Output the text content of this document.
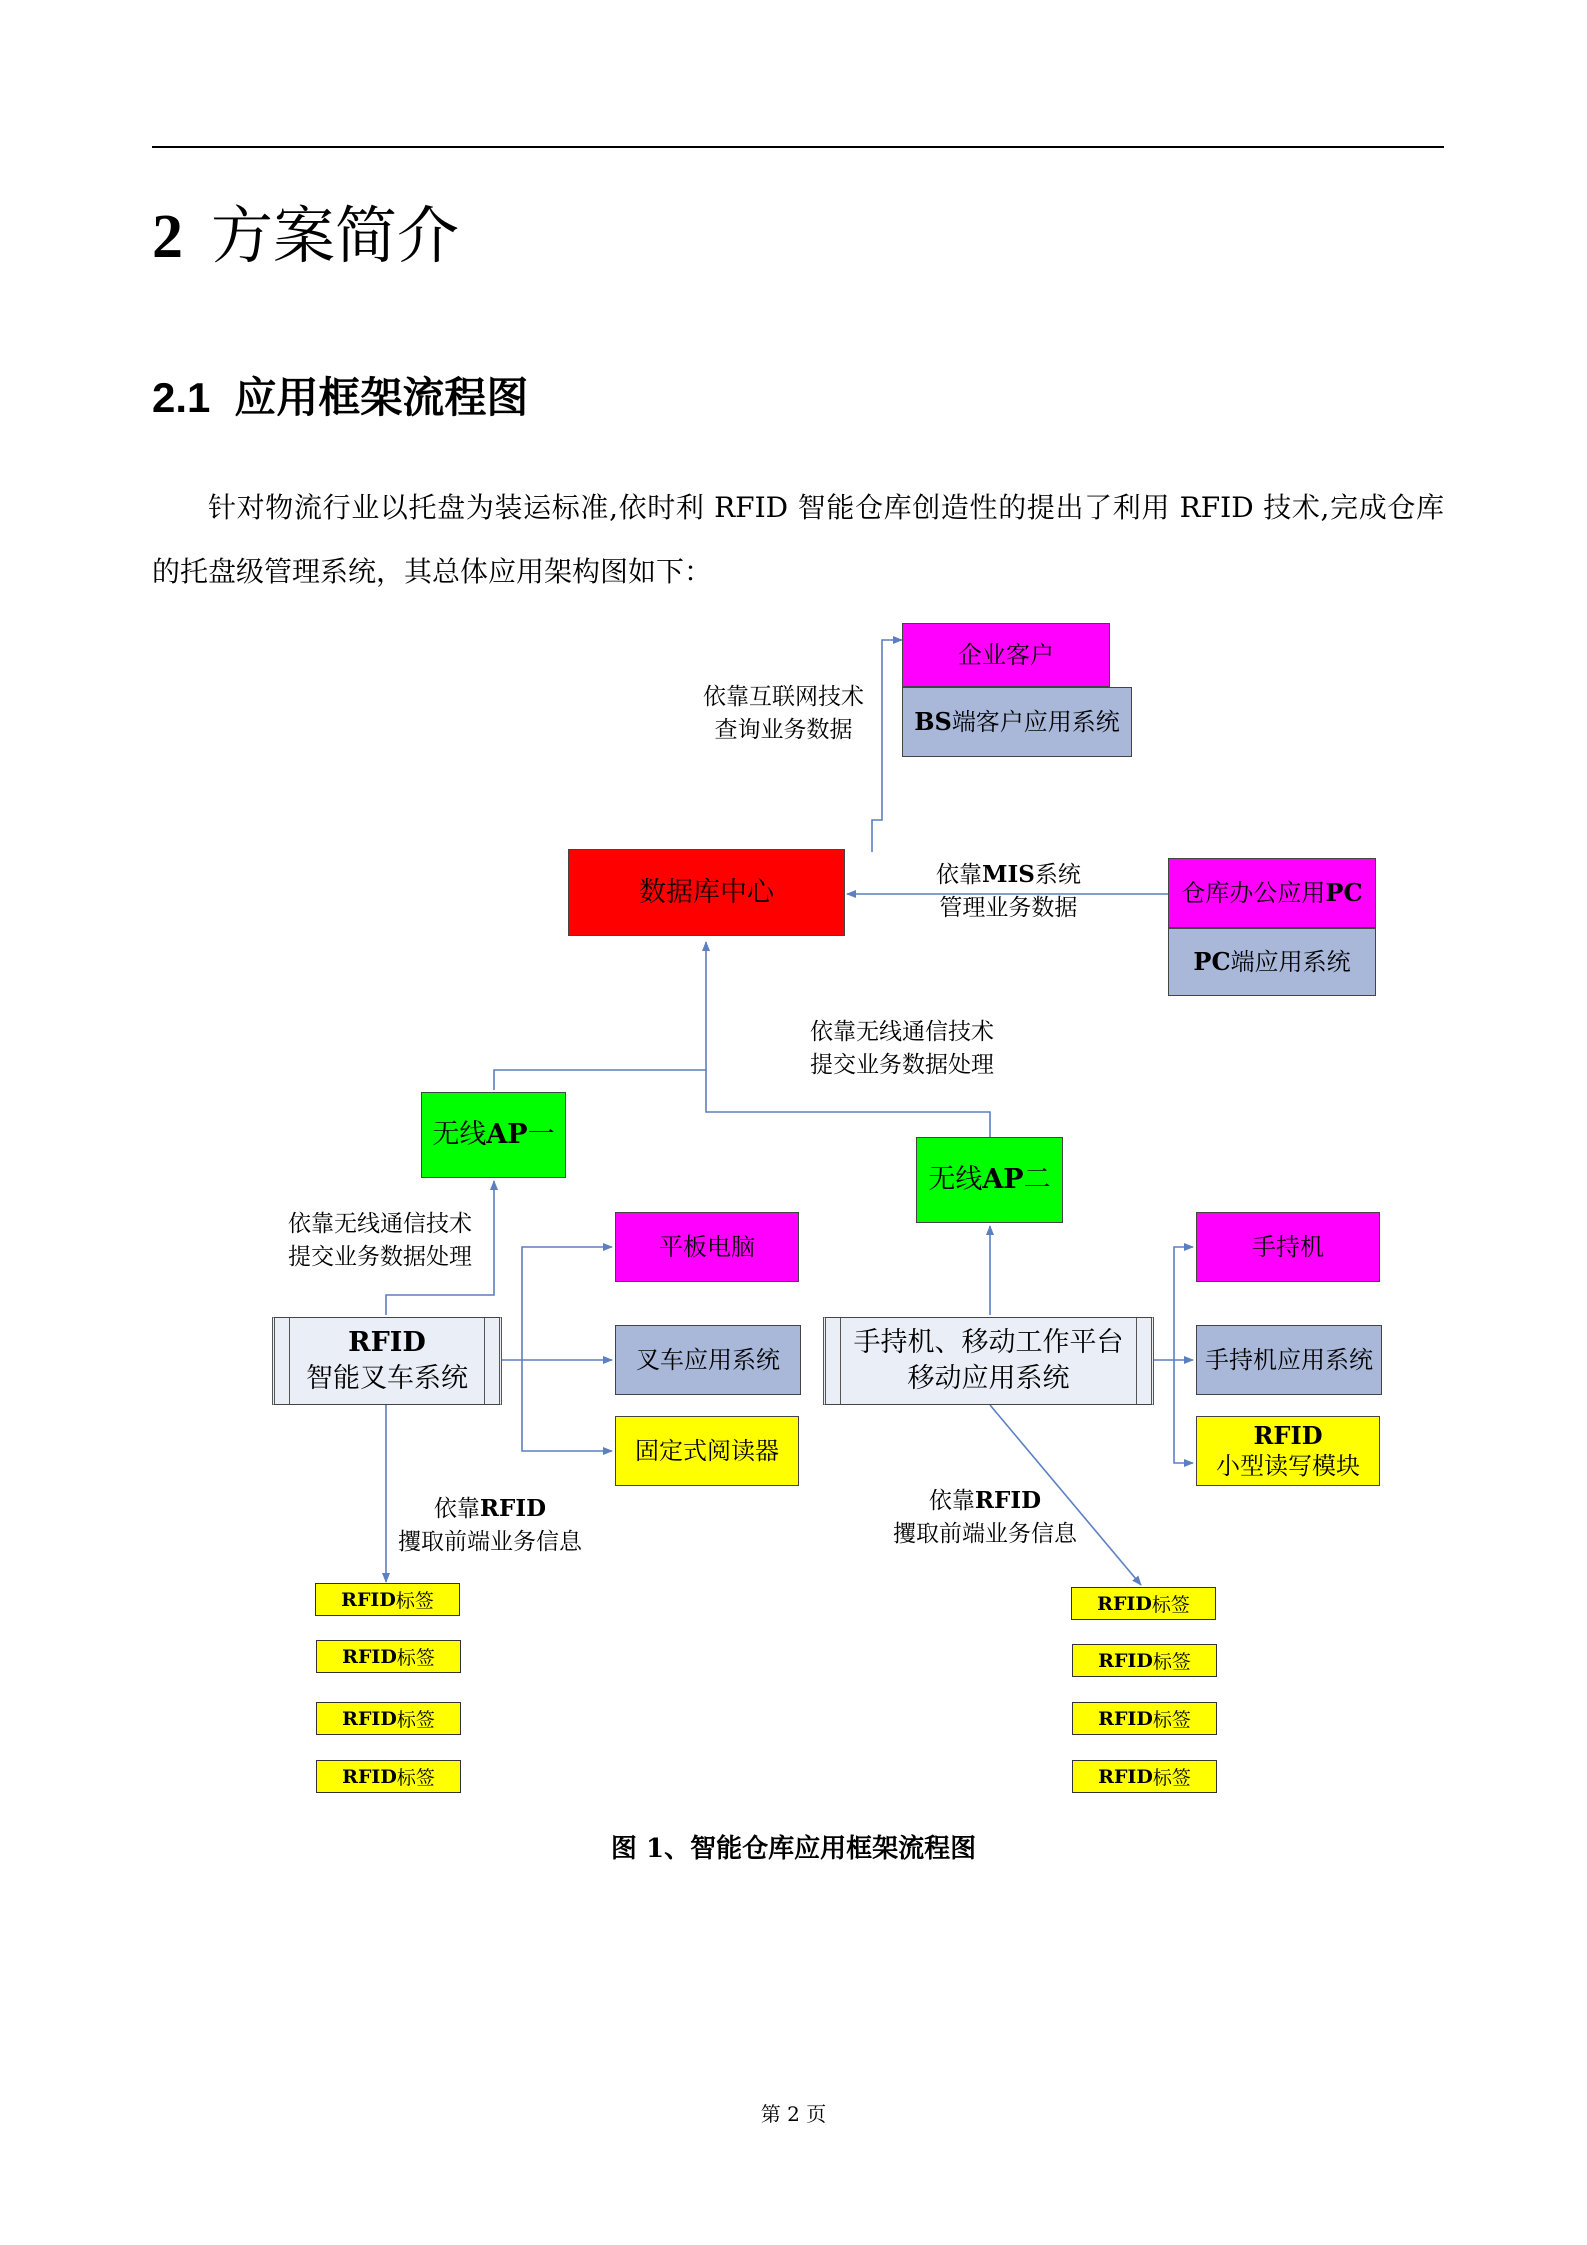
2 方案简介
2.1 应用框架流程图
针对物流行业以托盘为装运标准,依时利 RFID 智能仓库创造性的提出了利用 RFID 技术,完成仓库的托盘级管理系统，其总体应用架构图如下：
企业客户
BS端客户应用系统
依靠互联网技术
查询业务数据
数据库中心
依靠MIS系统
管理业务数据
仓库办公应用PC
PC端应用系统
依靠无线通信技术
提交业务数据处理
无线AP一
无线AP二
依靠无线通信技术
提交业务数据处理
RFID
智能叉车系统
平板电脑
叉车应用系统
固定式阅读器
手持机、移动工作平台
移动应用系统
手持机
手持机应用系统
RFID
小型读写模块
依靠RFID
攫取前端业务信息
依靠RFID
攫取前端业务信息
RFID 标签
RFID 标签
RFID 标签
RFID 标签
RFID 标签
RFID 标签
RFID 标签
RFID 标签
图 1、智能仓库应用框架流程图
第 2 页
